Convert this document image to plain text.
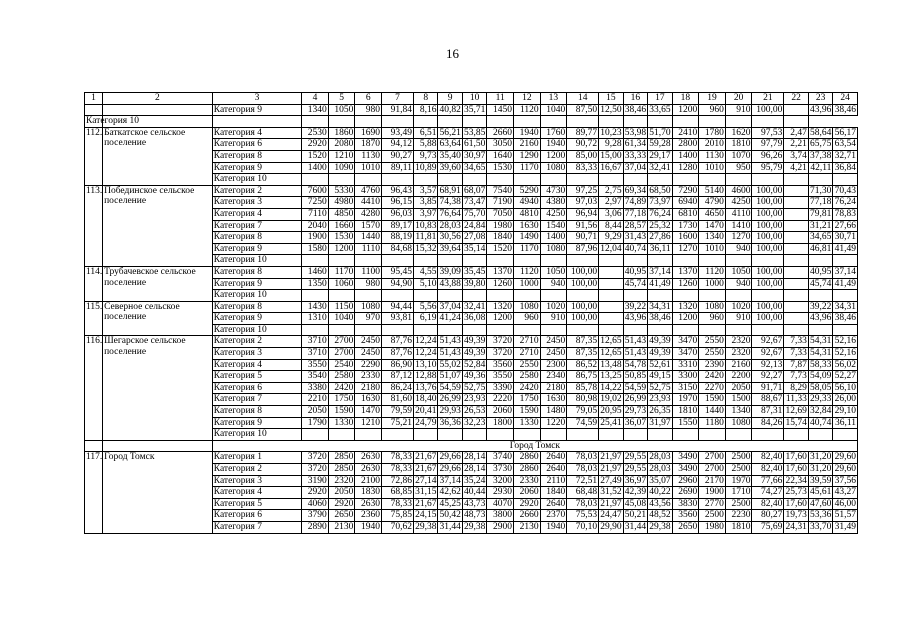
16
1	2	3	4	5	6	7	8	9	10	11	12	13	14	15	16	17	18	19	20	21	22	23	24
		Категория 9	1340	1050	980	91,84	8,16	40,82	35,71	1450	1120	1040	87,50	12,50	38,46	33,65	1200	960	910	100,00		43,96	38,46
Категория 10																							
112.	Баткатское сельское поселение	Категория 4	2530	1860	1690	93,49	6,51	56,21	53,85	2660	1940	1760	89,77	10,23	53,98	51,70	2410	1780	1620	97,53	2,47	58,64	56,17
		Категория 6	2920	2080	1870	94,12	5,88	63,64	61,50	3050	2160	1940	90,72	9,28	61,34	59,28	2800	2010	1810	97,79	2,21	65,75	63,54
		Категория 8	1520	1210	1130	90,27	9,73	35,40	30,97	1640	1290	1200	85,00	15,00	33,33	29,17	1400	1130	1070	96,26	3,74	37,38	32,71
		Категория 9	1400	1090	1010	89,11	10,89	39,60	34,65	1530	1170	1080	83,33	16,67	37,04	32,41	1280	1010	950	95,79	4,21	42,11	36,84
		Категория 10																					
113.	Побединское сельское поселение	Категория 2	7600	5330	4760	96,43	3,57	68,91	68,07	7540	5290	4730	97,25	2,75	69,34	68,50	7290	5140	4600	100,00		71,30	70,43
		Категория 3	7250	4980	4410	96,15	3,85	74,38	73,47	7190	4940	4380	97,03	2,97	74,89	73,97	6940	4790	4250	100,00		77,18	76,24
		Категория 4	7110	4850	4280	96,03	3,97	76,64	75,70	7050	4810	4250	96,94	3,06	77,18	76,24	6810	4650	4110	100,00		79,81	78,83
		Категория 7	2040	1660	1570	89,17	10,83	28,03	24,84	1980	1630	1540	91,56	8,44	28,57	25,32	1730	1470	1410	100,00		31,21	27,66
		Категория 8	1900	1530	1440	88,19	11,81	30,56	27,08	1840	1490	1400	90,71	9,29	31,43	27,86	1600	1340	1270	100,00		34,65	30,71
		Категория 9	1580	1200	1110	84,68	15,32	39,64	35,14	1520	1170	1080	87,96	12,04	40,74	36,11	1270	1010	940	100,00		46,81	41,49
		Категория 10																					
114.	Трубачевское сельское поселение	Категория 8	1460	1170	1100	95,45	4,55	39,09	35,45	1370	1120	1050	100,00		40,95	37,14	1370	1120	1050	100,00		40,95	37,14
		Категория 9	1350	1060	980	94,90	5,10	43,88	39,80	1260	1000	940	100,00		45,74	41,49	1260	1000	940	100,00		45,74	41,49
		Категория 10																					
115.	Северное сельское поселение	Категория 8	1430	1150	1080	94,44	5,56	37,04	32,41	1320	1080	1020	100,00		39,22	34,31	1320	1080	1020	100,00		39,22	34,31
		Категория 9	1310	1040	970	93,81	6,19	41,24	36,08	1200	960	910	100,00		43,96	38,46	1200	960	910	100,00		43,96	38,46
		Категория 10																					
116.	Шегарское сельское поселение	Категория 2	3710	2700	2450	87,76	12,24	51,43	49,39	3720	2710	2450	87,35	12,65	51,43	49,39	3470	2550	2320	92,67	7,33	54,31	52,16
		Категория 3	3710	2700	2450	87,76	12,24	51,43	49,39	3720	2710	2450	87,35	12,65	51,43	49,39	3470	2550	2320	92,67	7,33	54,31	52,16
		Категория 4	3550	2540	2290	86,90	13,10	55,02	52,84	3560	2550	2300	86,52	13,48	54,78	52,61	3310	2390	2160	92,13	7,87	58,33	56,02
		Категория 5	3540	2580	2330	87,12	12,88	51,07	49,36	3550	2580	2340	86,75	13,25	50,85	49,15	3300	2420	2200	92,27	7,73	54,09	52,27
		Категория 6	3380	2420	2180	86,24	13,76	54,59	52,75	3390	2420	2180	85,78	14,22	54,59	52,75	3150	2270	2050	91,71	8,29	58,05	56,10
		Категория 7	2210	1750	1630	81,60	18,40	26,99	23,93	2220	1750	1630	80,98	19,02	26,99	23,93	1970	1590	1500	88,67	11,33	29,33	26,00
		Категория 8	2050	1590	1470	79,59	20,41	29,93	26,53	2060	1590	1480	79,05	20,95	29,73	26,35	1810	1440	1340	87,31	12,69	32,84	29,10
		Категория 9	1790	1330	1210	75,21	24,79	36,36	32,23	1800	1330	1220	74,59	25,41	36,07	31,97	1550	1180	1080	84,26	15,74	40,74	36,11
		Категория 10																					
		Город Томск																					
117.	Город Томск	Категория 1	3720	2850	2630	78,33	21,67	29,66	28,14	3740	2860	2640	78,03	21,97	29,55	28,03	3490	2700	2500	82,40	17,60	31,20	29,60
		Категория 2	3720	2850	2630	78,33	21,67	29,66	28,14	3730	2860	2640	78,03	21,97	29,55	28,03	3490	2700	2500	82,40	17,60	31,20	29,60
		Категория 3	3190	2320	2100	72,86	27,14	37,14	35,24	3200	2330	2110	72,51	27,49	36,97	35,07	2960	2170	1970	77,66	22,34	39,59	37,56
		Категория 4	2920	2050	1830	68,85	31,15	42,62	40,44	2930	2060	1840	68,48	31,52	42,39	40,22	2690	1900	1710	74,27	25,73	45,61	43,27
		Категория 5	4060	2920	2630	78,33	21,67	45,25	43,73	4070	2920	2640	78,03	21,97	45,08	43,56	3830	2770	2500	82,40	17,60	47,60	46,00
		Категория 6	3790	2650	2360	75,85	24,15	50,42	48,73	3800	2660	2370	75,53	24,47	50,21	48,52	3560	2500	2230	80,27	19,73	53,36	51,57
		Категория 7	2890	2130	1940	70,62	29,38	31,44	29,38	2900	2130	1940	70,10	29,90	31,44	29,38	2650	1980	1810	75,69	24,31	33,70	31,49
